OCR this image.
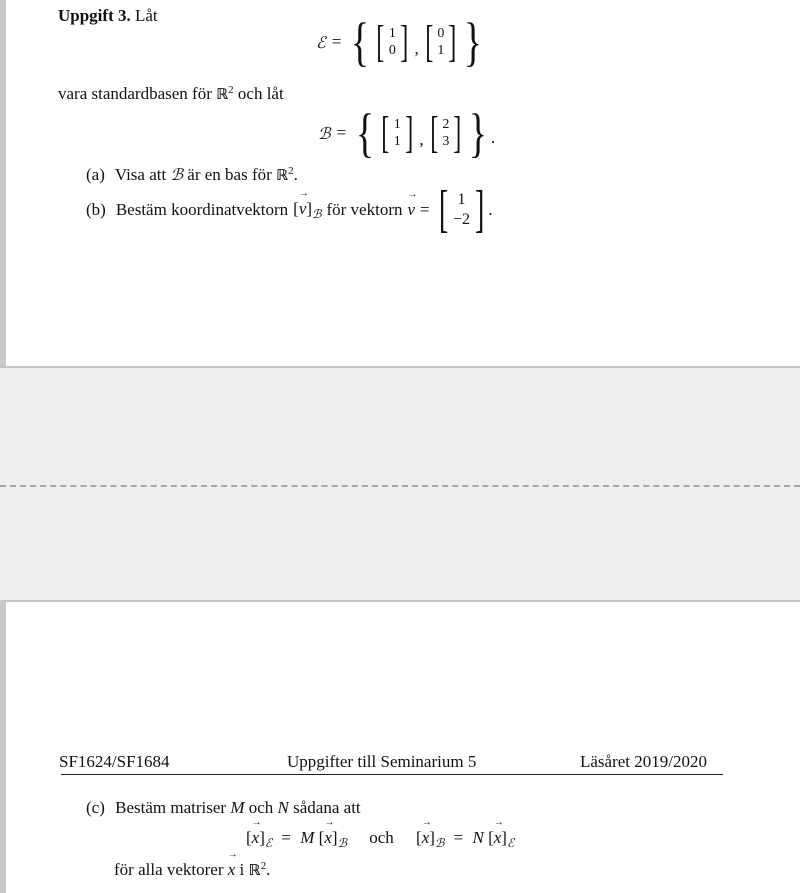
Uppgift 3. Låt
ℰ = { [ 1
0 ] , [ 0
1 ] }
vara standardbasen för ℝ$^2$ och låt
ℬ = { [ 1
1 ] , [ 2
3 ] } .
(a) Visa att ℬ är en bas för ℝ$^2$.
(b) Bestäm koordinatvektorn [→ $v]_ℬ$ för vektorn → v = [ 1
−2 ] .
SF1624/SF1684	Uppgifter till Seminarium 5	Läsåret 2019/2020
(c) Bestäm matriser M och N sådana att
[→ $x]_ℰ = M$ [→ $x]_ℬ$ och [→ $x]_ℬ = N$ [→ $x]_ℰ$
för alla vektorer → x i ℝ$^2$.
